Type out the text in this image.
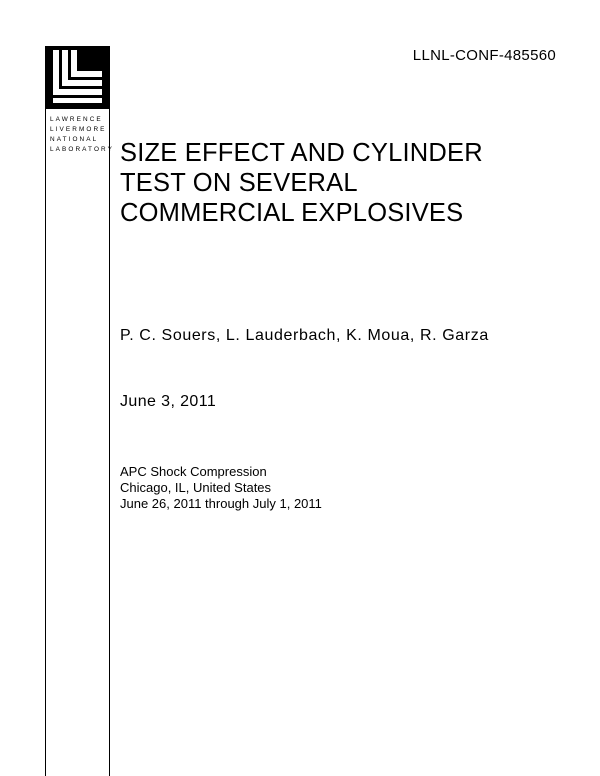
LAWRENCE
LIVERMORE
NATIONAL
LABORATORY
LLNL-CONF-485560
SIZE EFFECT AND CYLINDER
TEST ON SEVERAL
COMMERCIAL EXPLOSIVES
P. C. Souers, L. Lauderbach, K. Moua, R. Garza
June 3, 2011
APC Shock Compression
Chicago, IL, United States
June 26, 2011 through July 1, 2011
